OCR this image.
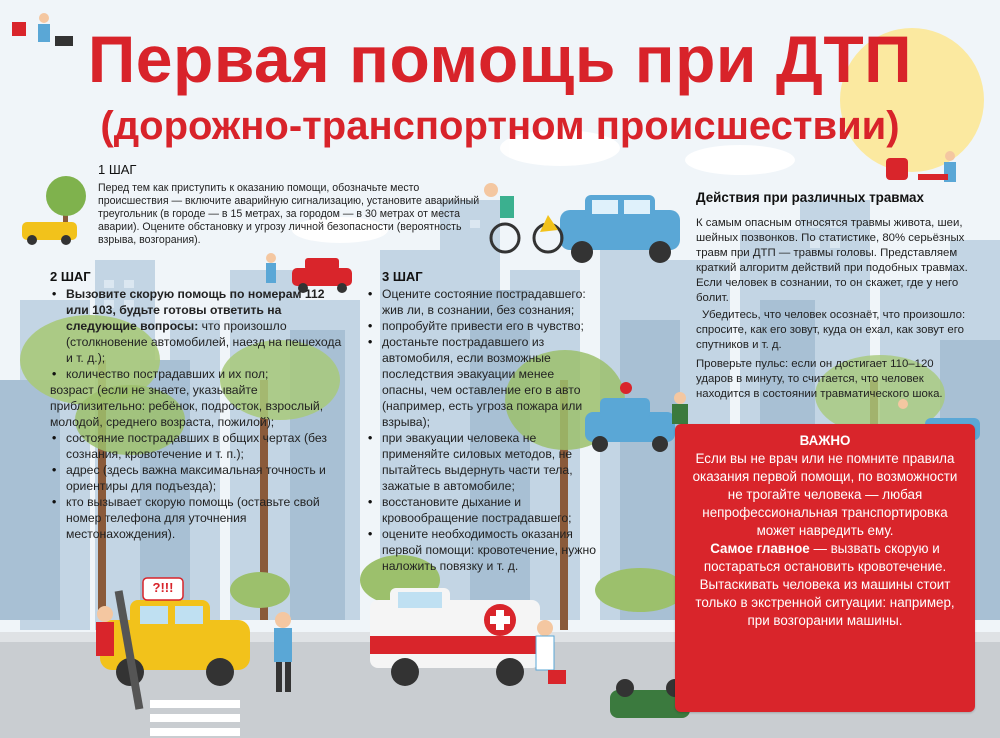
Первая помощь при ДТП
(дорожно-транспортном происшествии)
1 ШАГ
Перед тем как приступить к оказанию помощи, обозначьте место происшествия — включите аварийную сигнализацию, установите аварийный треугольник (в городе — в 15 метрах, за городом — в 30 метрах от места аварии). Оцените обстановку и угрозу личной безопасности (вероятность взрыва, возгорания).
2 ШАГ
• Вызовите скорую помощь по номерам 112 или 103, будьте готовы ответить на следующие вопросы: что произошло (столкновение автомобилей, наезд на пешехода и т. д.);
• количество пострадавших и их пол;
возраст (если не знаете, указывайте приблизительно: ребёнок, подросток, взрослый, молодой, среднего возраста, пожилой);
• состояние пострадавших в общих чертах (без сознания, кровотечение и т. п.);
• адрес (здесь важна максимальная точность и ориентиры для подъезда);
• кто вызывает скорую помощь (оставьте свой номер телефона для уточнения местонахождения).
3 ШАГ
• Оцените состояние пострадавшего: жив ли, в сознании, без сознания;
• попробуйте привести его в чувство;
• достаньте пострадавшего из автомобиля, если возможные последствия эвакуации менее опасны, чем оставление его в авто (например, есть угроза пожара или взрыва);
• при эвакуации человека не применяйте силовых методов, не пытайтесь выдернуть части тела, зажатые в автомобиле;
• восстановите дыхание и кровообращение пострадавшего;
• оцените необходимость оказания первой помощи: кровотечение, нужно наложить повязку и т. д.
Действия при различных травмах
К самым опасным относятся травмы живота, шеи, шейных позвонков. По статистике, 80% серьёзных травм при ДТП — травмы головы. Представляем краткий алгоритм действий при подобных травмах. Если человек в сознании, то он скажет, где у него болит.
Убедитесь, что человек осознаёт, что произошло: спросите, как его зовут, куда он ехал, как зовут его спутников и т. д.
Проверьте пульс: если он достигает 110–120 ударов в минуту, то считается, что человек находится в состоянии травматического шока.

ВАЖНО

Если вы не врач или не помните правила оказания первой помощи, по возможности не трогайте человека — любая непрофессиональная транспортировка может навредить ему.

Самое главное — вызвать скорую и постараться остановить кровотечение.

Вытаскивать человека из машины стоит только в экстренной ситуации: например, при возгорании машины.

?!!!
